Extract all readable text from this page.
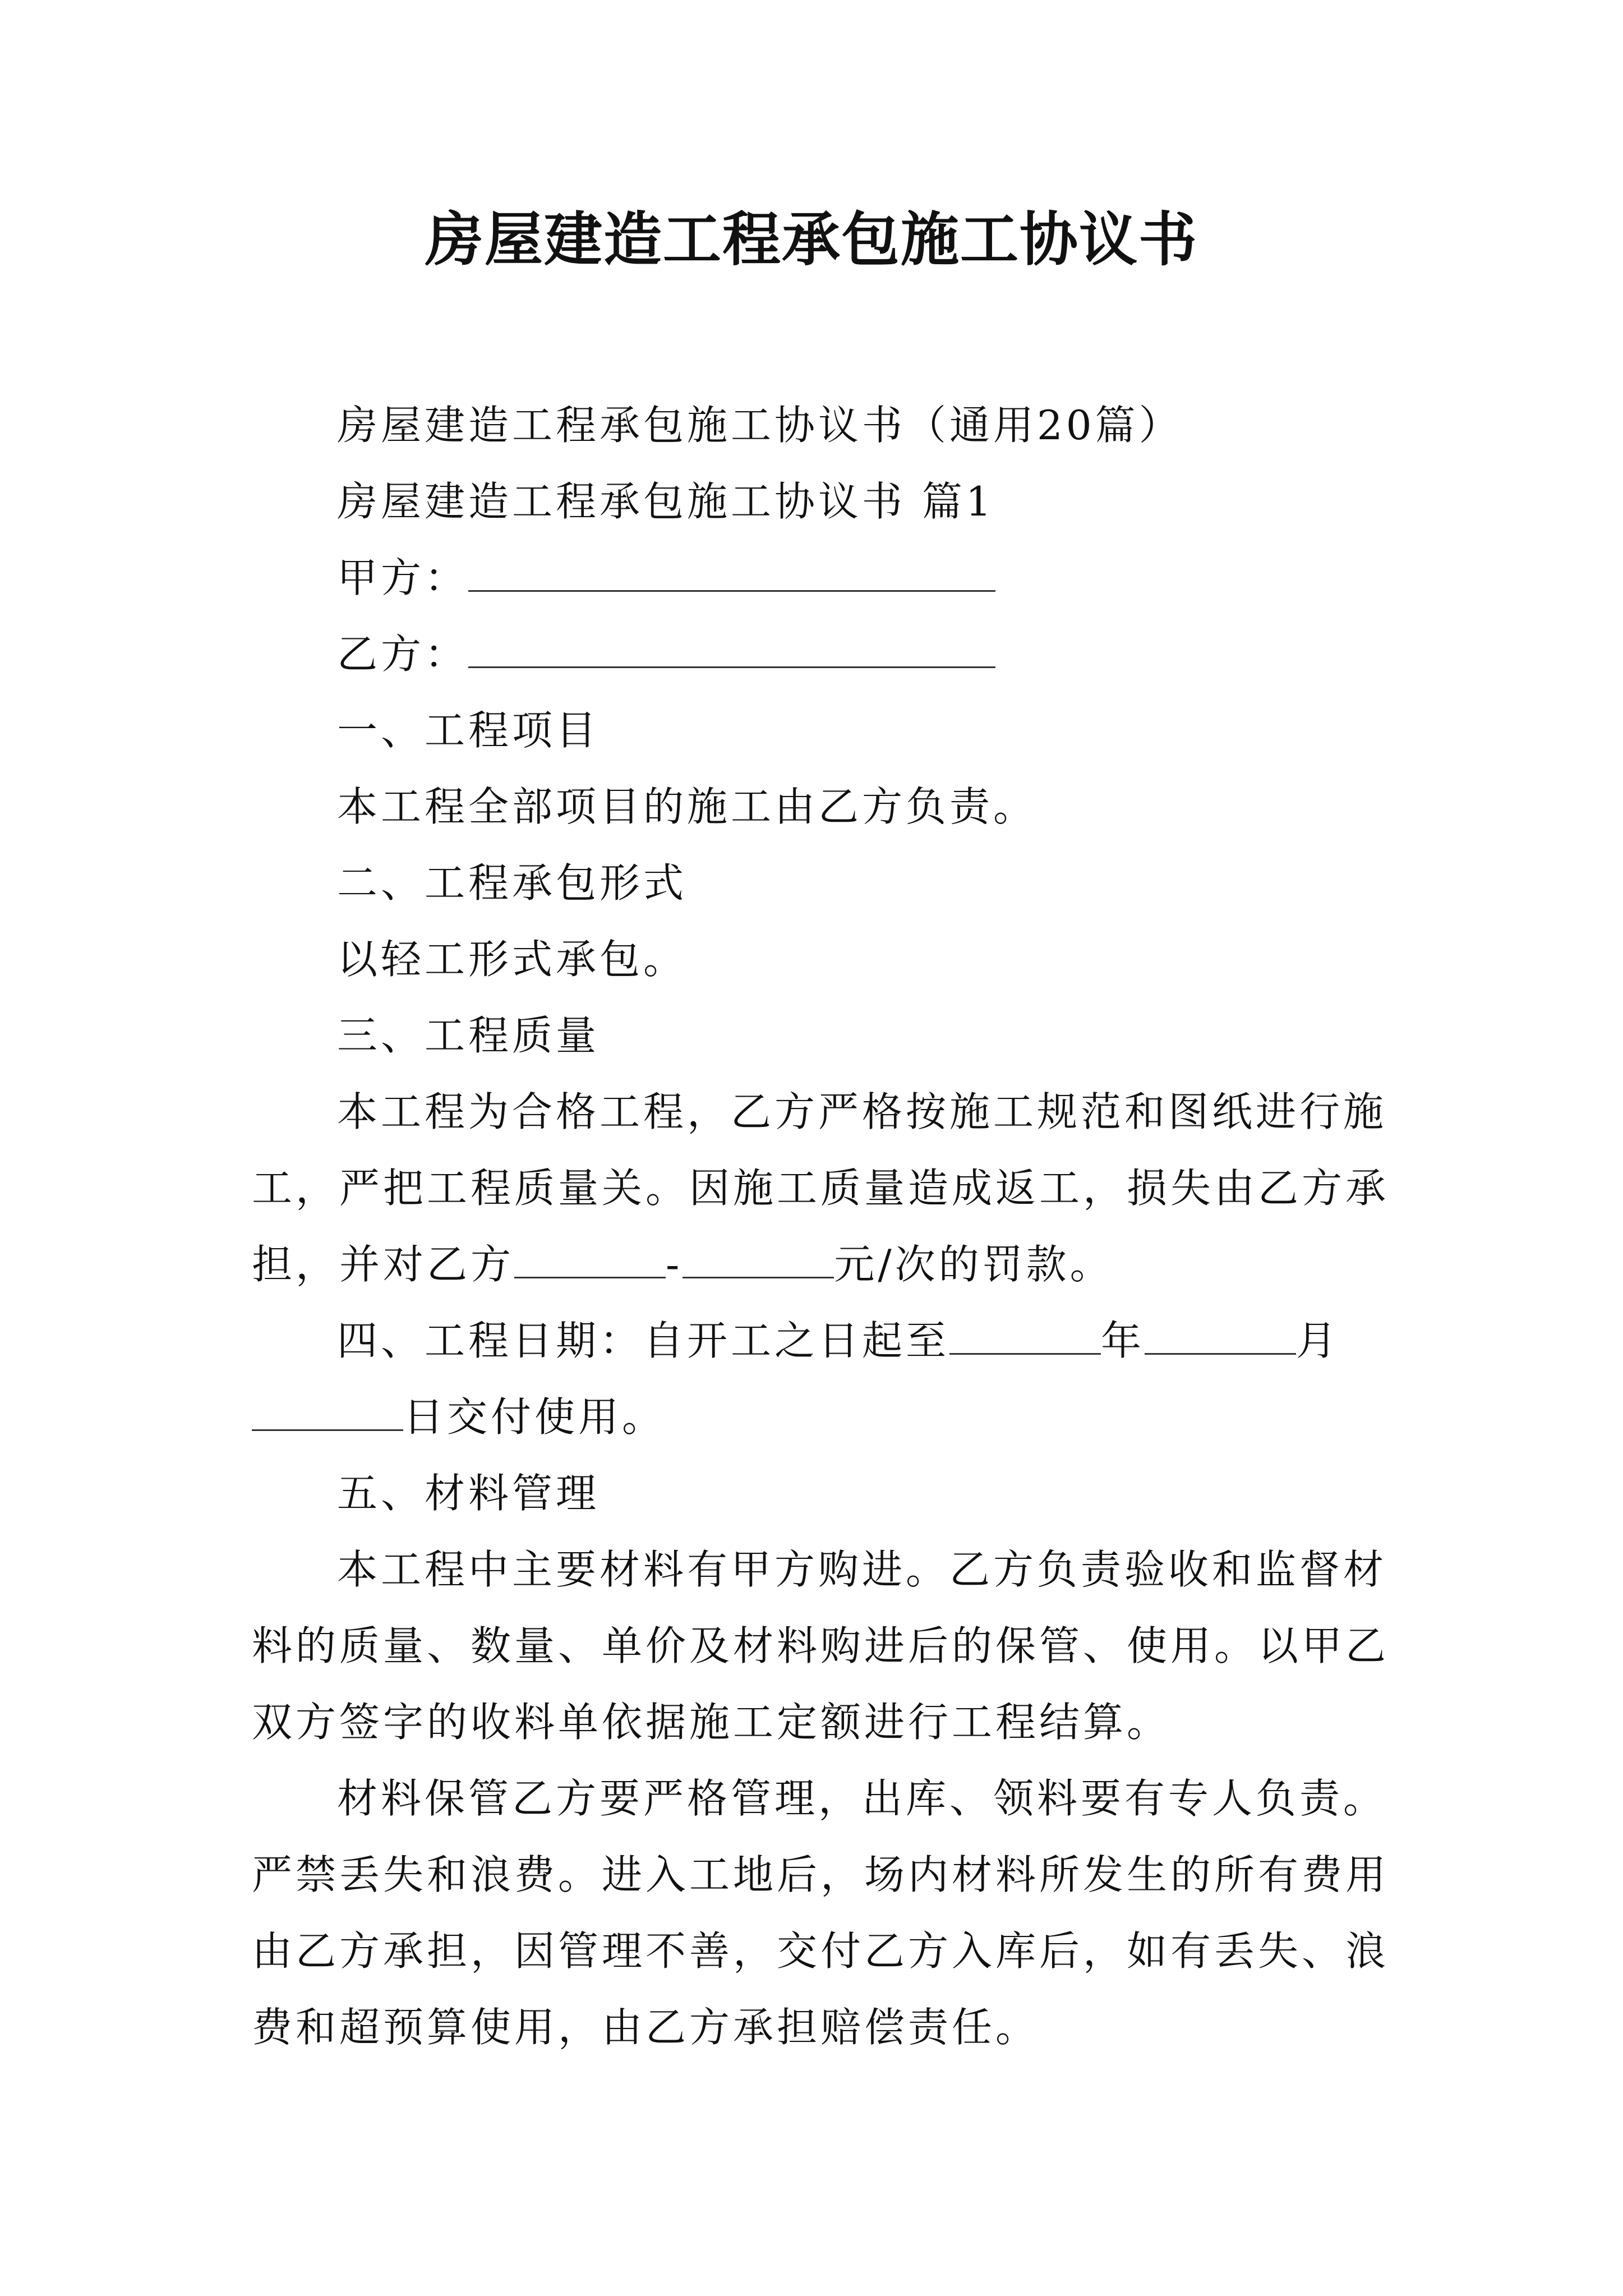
房屋建造工程承包施工协议书

房屋建造工程承包施工协议书（通用20篇）

房屋建造工程承包施工协议书 篇1

甲方：

乙方：

一、工程项目

本工程全部项目的施工由乙方负责。

二、工程承包形式

以轻工形式承包。

三、工程质量

本工程为合格工程，乙方严格按施工规范和图纸进行施工，严把工程质量关。因施工质量造成返工，损失由乙方承担，并对乙方	-	元/次的罚款。

四、工程日期：自开工之日起至	年	月日交付使用。

五、材料管理

本工程中主要材料有甲方购进。乙方负责验收和监督材料的质量、数量、单价及材料购进后的保管、使用。以甲乙双方签字的收料单依据施工定额进行工程结算。

材料保管乙方要严格管理，出库、领料要有专人负责。严禁丢失和浪费。进入工地后，场内材料所发生的所有费用由乙方承担，因管理不善，交付乙方入库后，如有丢失、浪费和超预算使用，由乙方承担赔偿责任。
